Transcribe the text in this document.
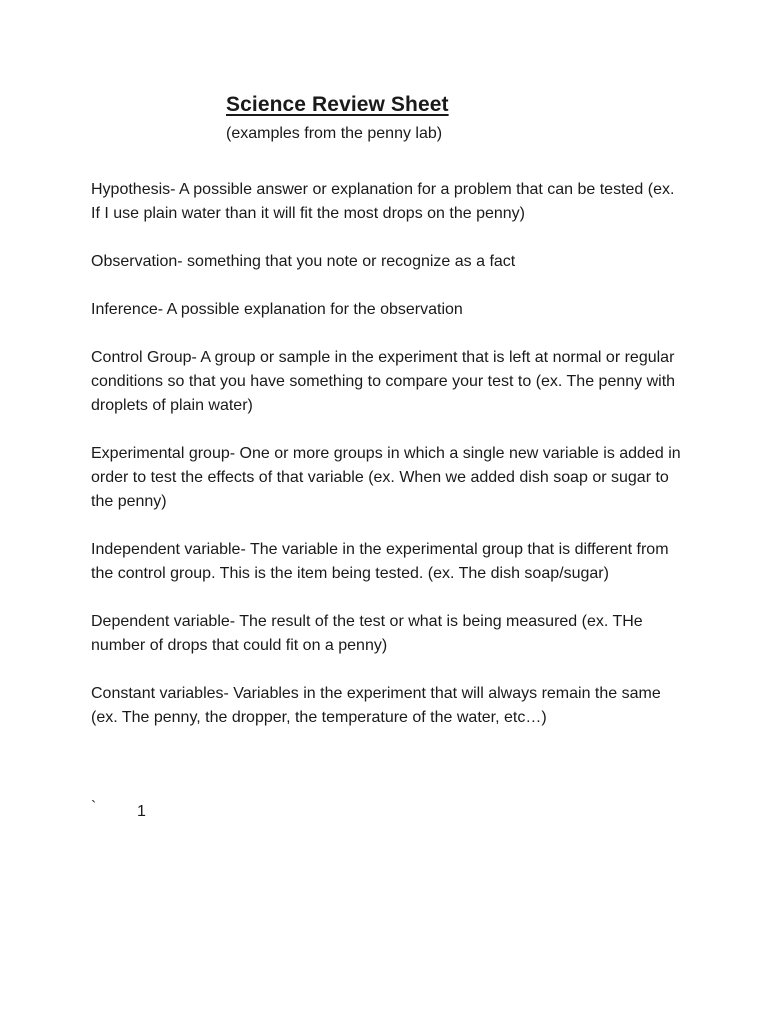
Science Review Sheet

(examples from the penny lab)

Hypothesis- A possible answer or explanation for a problem that can be tested (ex. If I use plain water than it will fit the most drops on the penny)

Observation- something that you note or recognize as a fact

Inference- A possible explanation for the observation

Control Group- A group or sample in the experiment that is left at normal or regular conditions so that you have something to compare your test to (ex. The penny with droplets of plain water)

Experimental group- One or more groups in which a single new variable is added in order to test the effects of that variable (ex. When we added dish soap or sugar to the penny)

Independent variable- The variable in the experimental group that is different from the control group. This is the item being tested. (ex. The dish soap/sugar)

Dependent variable- The result of the test or what is being measured (ex. THe number of drops that could fit on a penny)

Constant variables- Variables in the experiment that will always remain the same (ex. The penny, the dropper, the temperature of the water, etc…)

`	1
